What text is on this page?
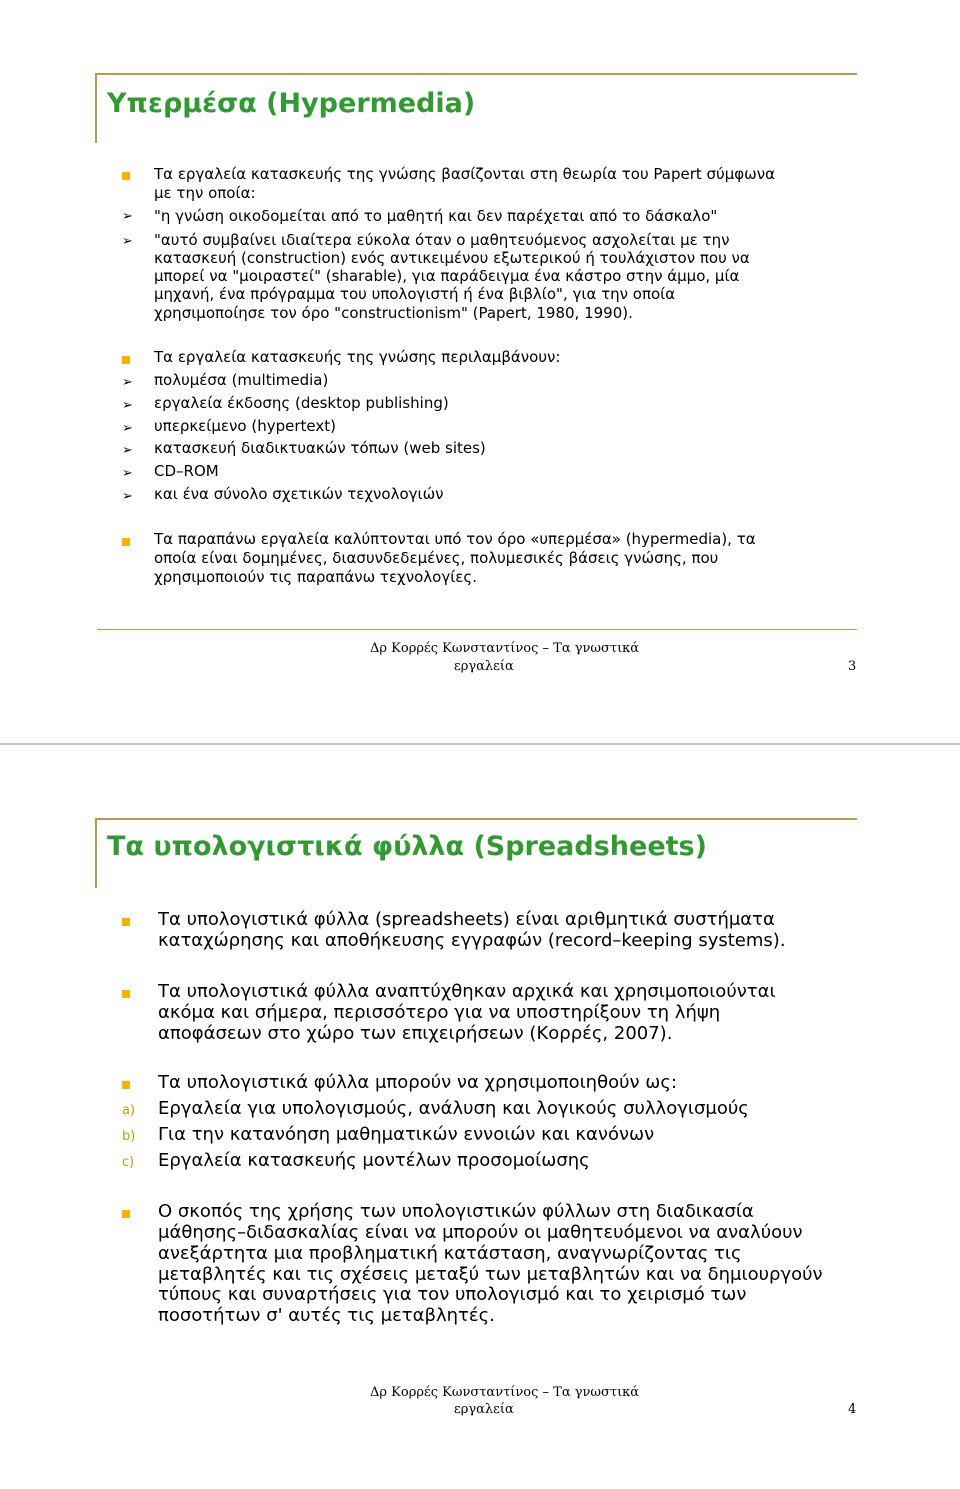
Υπερμέσα (Hypermedia)
Τα εργαλεία κατασκευής της γνώσης βασίζονται στη θεωρία του Papert σύμφωνα
με την οποία:
➢ "η γνώση οικοδομείται από το μαθητή και δεν παρέχεται από το δάσκαλο"
➢ "αυτό συμβαίνει ιδιαίτερα εύκολα όταν ο μαθητευόμενος ασχολείται με την
κατασκευή (construction) ενός αντικειμένου εξωτερικού ή τουλάχιστον που να
μπορεί να "μοιραστεί" (sharable), για παράδειγμα ένα κάστρο στην άμμο, μία
μηχανή, ένα πρόγραμμα του υπολογιστή ή ένα βιβλίο", για την οποία
χρησιμοποίησε τον όρο "constructionism" (Papert, 1980, 1990).
Τα εργαλεία κατασκευής της γνώσης περιλαμβάνουν:
➢ πολυμέσα (multimedia)
➢ εργαλεία έκδοσης (desktop publishing)
➢ υπερκείμενο (hypertext)
➢ κατασκευή διαδικτυακών τόπων (web sites)
➢ CD–ROM
➢ και ένα σύνολο σχετικών τεχνολογιών
Τα παραπάνω εργαλεία καλύπτονται υπό τον όρο «υπερμέσα» (hypermedia), τα
οποία είναι δομημένες, διασυνδεδεμένες, πολυμεσικές βάσεις γνώσης, που
χρησιμοποιούν τις παραπάνω τεχνολογίες.
Δρ Κορρές Κωνσταντίνος – Τα γνωστικά
εργαλεία	3
Τα υπολογιστικά φύλλα (Spreadsheets)
Τα υπολογιστικά φύλλα (spreadsheets) είναι αριθμητικά συστήματα
καταχώρησης και αποθήκευσης εγγραφών (record–keeping systems).
Τα υπολογιστικά φύλλα αναπτύχθηκαν αρχικά και χρησιμοποιούνται
ακόμα και σήμερα, περισσότερο για να υποστηρίξουν τη λήψη
αποφάσεων στο χώρο των επιχειρήσεων (Κορρές, 2007).
Τα υπολογιστικά φύλλα μπορούν να χρησιμοποιηθούν ως:
a) Εργαλεία για υπολογισμούς, ανάλυση και λογικούς συλλογισμούς
b) Για την κατανόηση μαθηματικών εννοιών και κανόνων
c) Εργαλεία κατασκευής μοντέλων προσομοίωσης
Ο σκοπός της χρήσης των υπολογιστικών φύλλων στη διαδικασία
μάθησης–διδασκαλίας είναι να μπορούν οι μαθητευόμενοι να αναλύουν
ανεξάρτητα μια προβληματική κατάσταση, αναγνωρίζοντας τις
μεταβλητές και τις σχέσεις μεταξύ των μεταβλητών και να δημιουργούν
τύπους και συναρτήσεις για τον υπολογισμό και το χειρισμό των
ποσοτήτων σ' αυτές τις μεταβλητές.
Δρ Κορρές Κωνσταντίνος – Τα γνωστικά
εργαλεία	4
